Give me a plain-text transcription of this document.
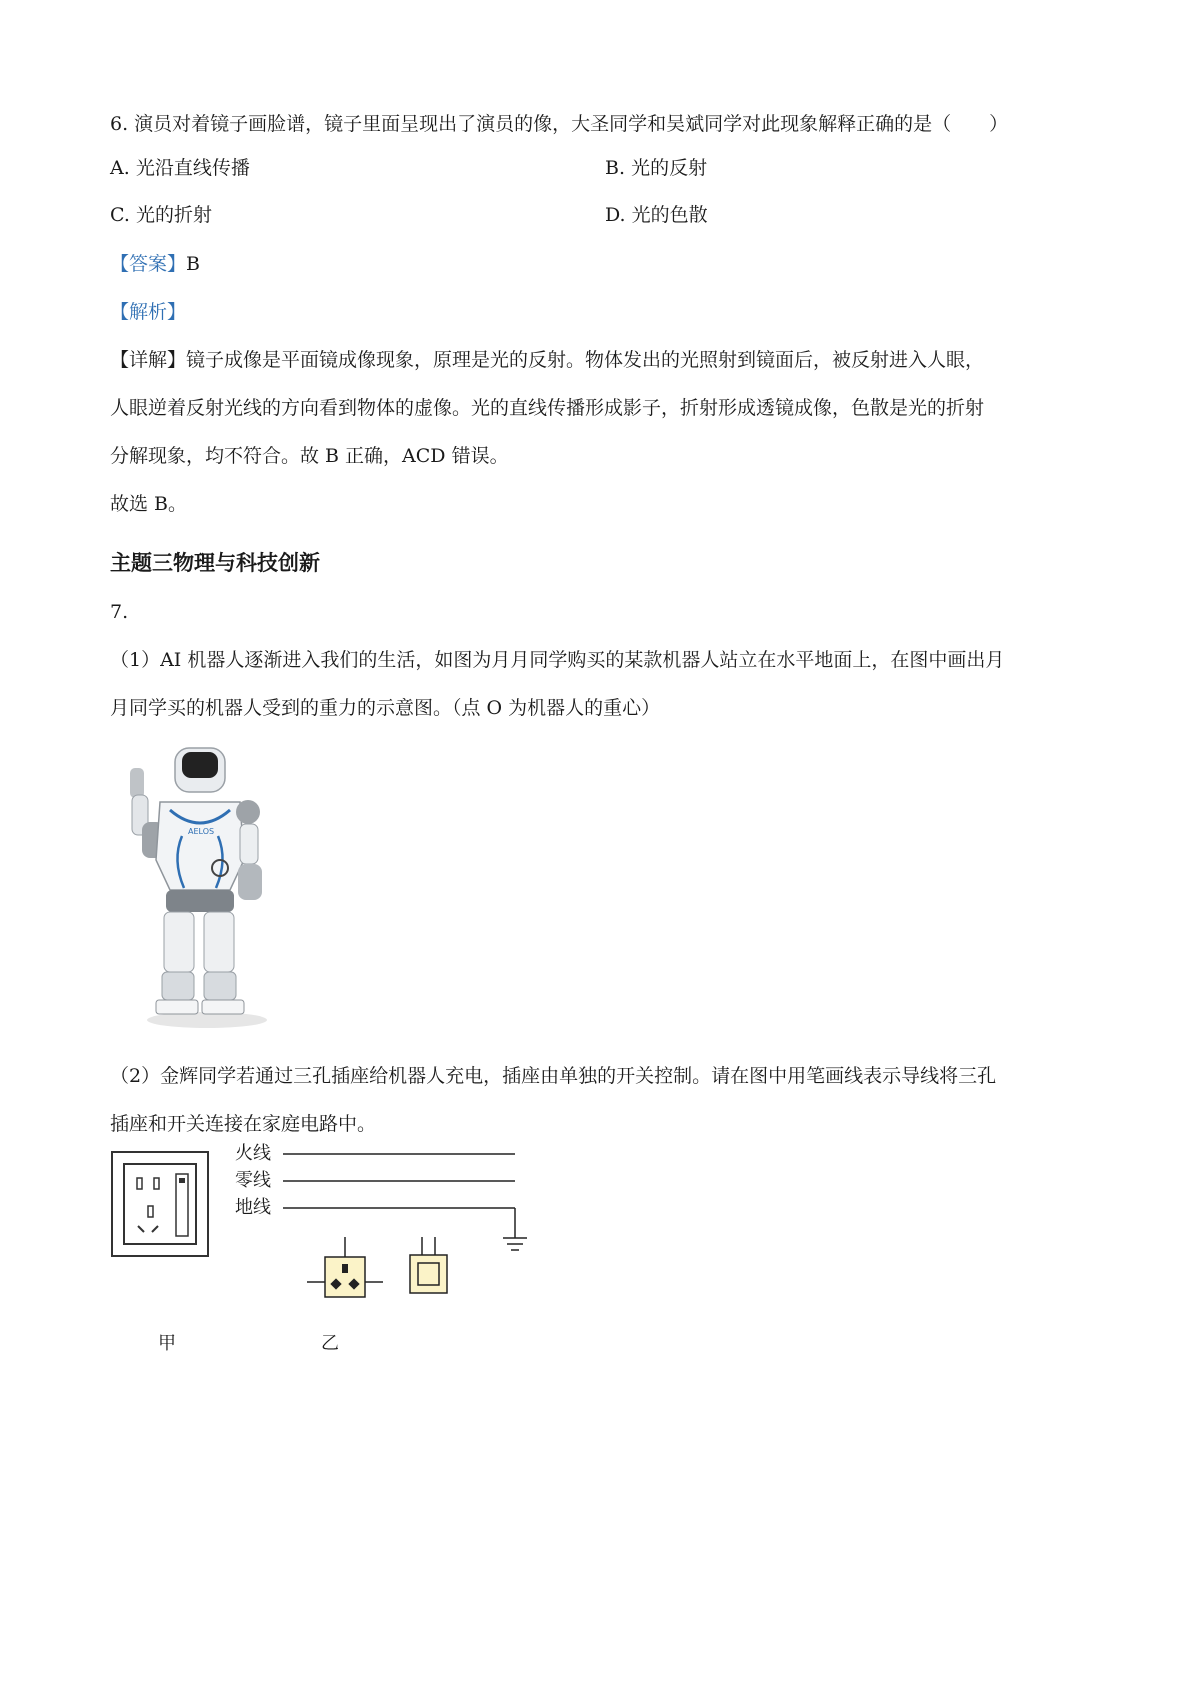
6. 演员对着镜子画脸谱，镜子里面呈现出了演员的像，大圣同学和吴斌同学对此现象解释正确的是（　　）
A. 光沿直线传播	B. 光的反射
C. 光的折射	D. 光的色散
【答案】B
【解析】
【详解】镜子成像是平面镜成像现象，原理是光的反射。物体发出的光照射到镜面后，被反射进入人眼，
人眼逆着反射光线的方向看到物体的虚像。光的直线传播形成影子，折射形成透镜成像，色散是光的折射
分解现象，均不符合。故 B 正确，ACD 错误。
故选 B。
主题三物理与科技创新
7.
（1）AI 机器人逐渐进入我们的生活，如图为月月同学购买的某款机器人站立在水平地面上，在图中画出月
月同学买的机器人受到的重力的示意图。（点 O 为机器人的重心）
AELOS
（2）金辉同学若通过三孔插座给机器人充电，插座由单独的开关控制。请在图中用笔画线表示导线将三孔
插座和开关连接在家庭电路中。
火线
零线
地线
甲	乙
